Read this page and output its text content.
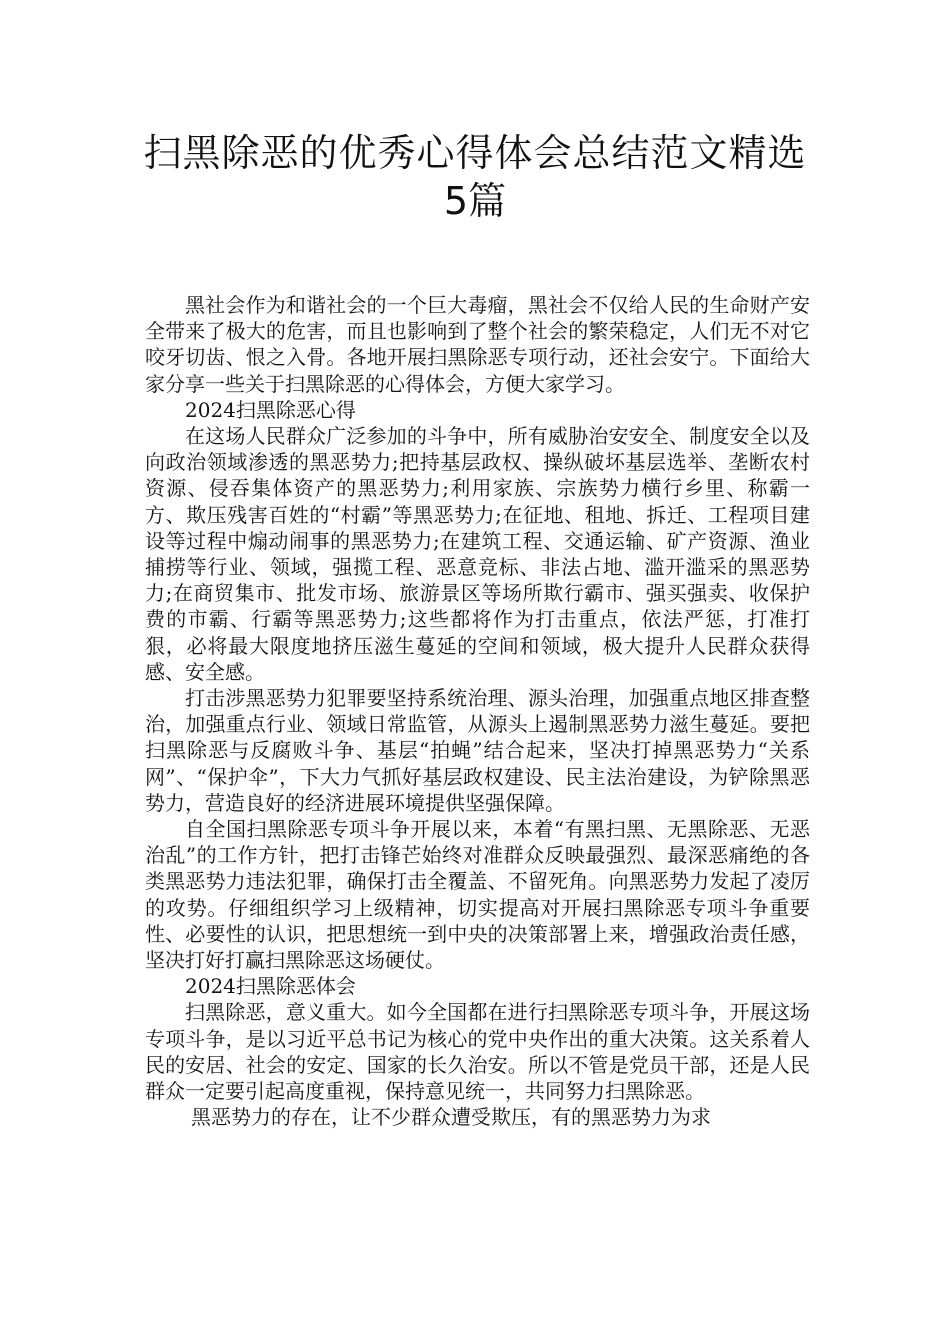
扫黑除恶的优秀心得体会总结范文精选
5篇

黑社会作为和谐社会的一个巨大毒瘤，黑社会不仅给人民的生命财产安全带来了极大的危害，而且也影响到了整个社会的繁荣稳定，人们无不对它咬牙切齿、恨之入骨。各地开展扫黑除恶专项行动，还社会安宁。下面给大家分享一些关于扫黑除恶的心得体会，方便大家学习。

2024扫黑除恶心得

在这场人民群众广泛参加的斗争中，所有威胁治安安全、制度安全以及向政治领域渗透的黑恶势力;把持基层政权、操纵破坏基层选举、垄断农村资源、侵吞集体资产的黑恶势力;利用家族、宗族势力横行乡里、称霸一方、欺压残害百姓的“村霸”等黑恶势力;在征地、租地、拆迁、工程项目建设等过程中煽动闹事的黑恶势力;在建筑工程、交通运输、矿产资源、渔业捕捞等行业、领域，强揽工程、恶意竞标、非法占地、滥开滥采的黑恶势力;在商贸集市、批发市场、旅游景区等场所欺行霸市、强买强卖、收保护费的市霸、行霸等黑恶势力;这些都将作为打击重点，依法严惩，打准打狠，必将最大限度地挤压滋生蔓延的空间和领域，极大提升人民群众获得感、安全感。

打击涉黑恶势力犯罪要坚持系统治理、源头治理，加强重点地区排查整治，加强重点行业、领域日常监管，从源头上遏制黑恶势力滋生蔓延。要把扫黑除恶与反腐败斗争、基层“拍蝇”结合起来，坚决打掉黑恶势力“关系网”、“保护伞”，下大力气抓好基层政权建设、民主法治建设，为铲除黑恶势力，营造良好的经济进展环境提供坚强保障。

自全国扫黑除恶专项斗争开展以来，本着“有黑扫黑、无黑除恶、无恶治乱”的工作方针，把打击锋芒始终对准群众反映最强烈、最深恶痛绝的各类黑恶势力违法犯罪，确保打击全覆盖、不留死角。向黑恶势力发起了凌厉的攻势。仔细组织学习上级精神，切实提高对开展扫黑除恶专项斗争重要性、必要性的认识，把思想统一到中央的决策部署上来，增强政治责任感，坚决打好打赢扫黑除恶这场硬仗。

2024扫黑除恶体会

扫黑除恶，意义重大。如今全国都在进行扫黑除恶专项斗争，开展这场专项斗争，是以习近平总书记为核心的党中央作出的重大决策。这关系着人民的安居、社会的安定、国家的长久治安。所以不管是党员干部，还是人民群众一定要引起高度重视，保持意见统一，共同努力扫黑除恶。

黑恶势力的存在，让不少群众遭受欺压，有的黑恶势力为求
